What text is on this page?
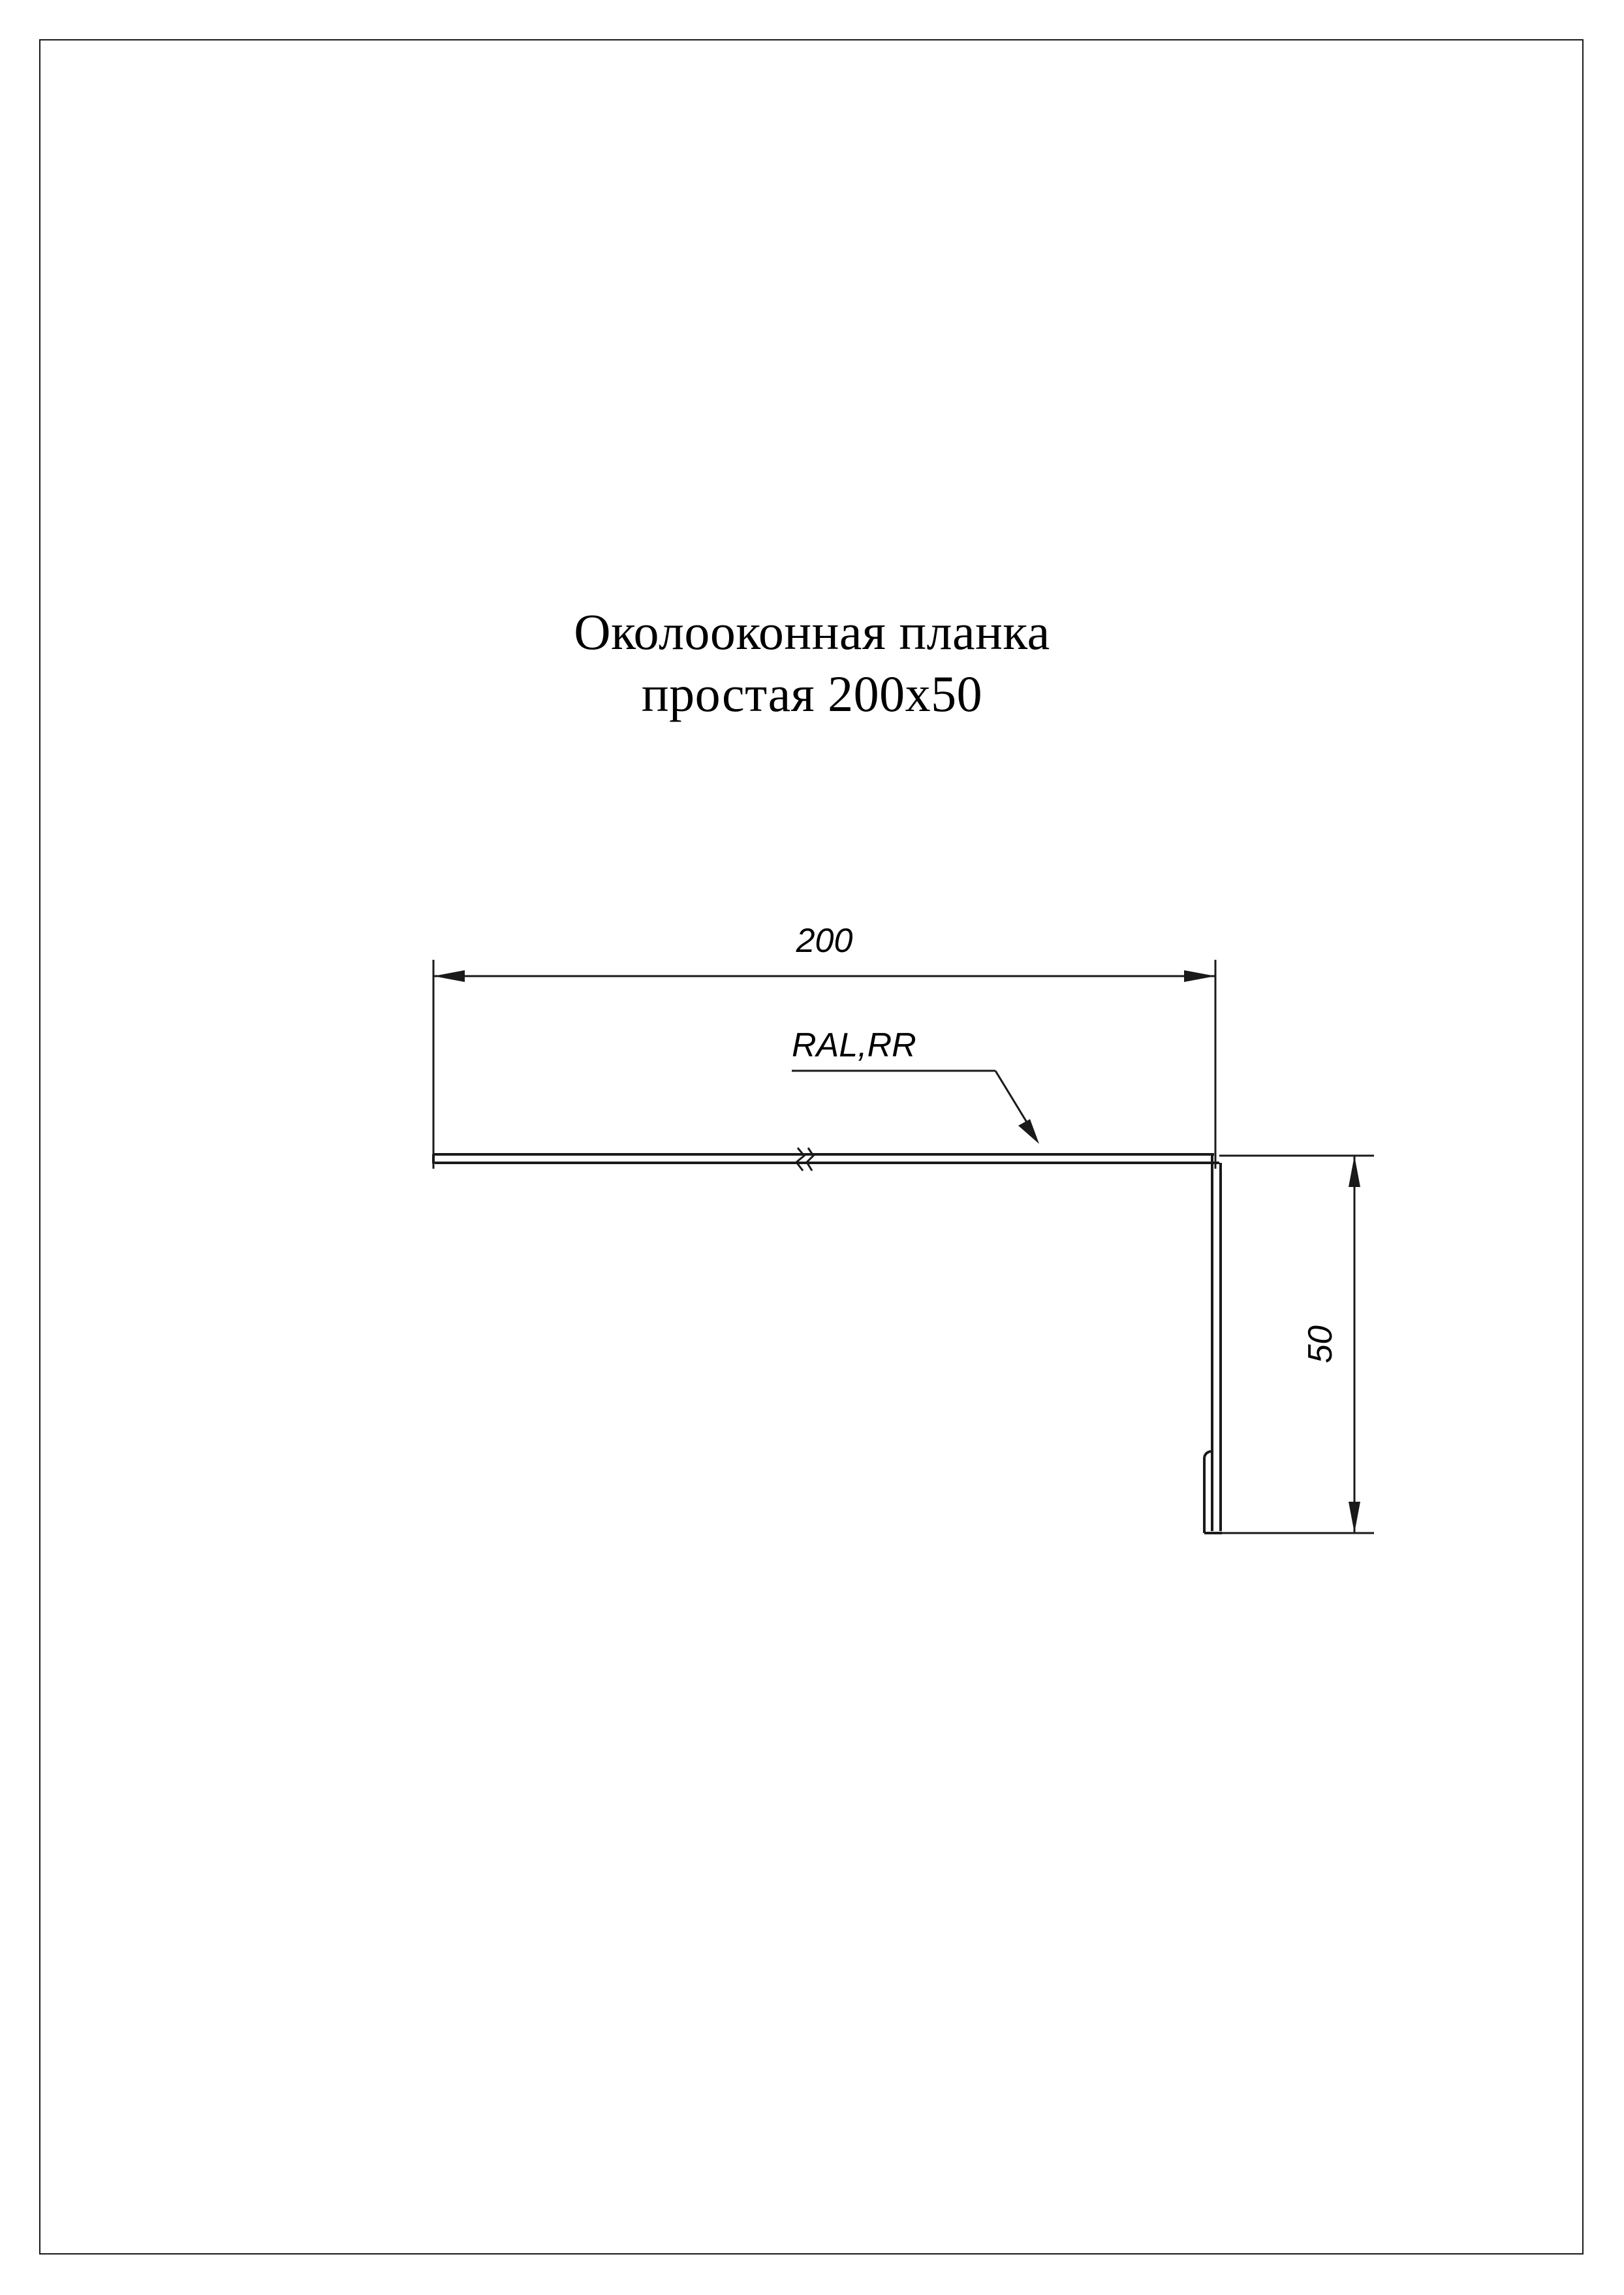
Околооконная планка
простая 200x50
200
RAL,RR
50
